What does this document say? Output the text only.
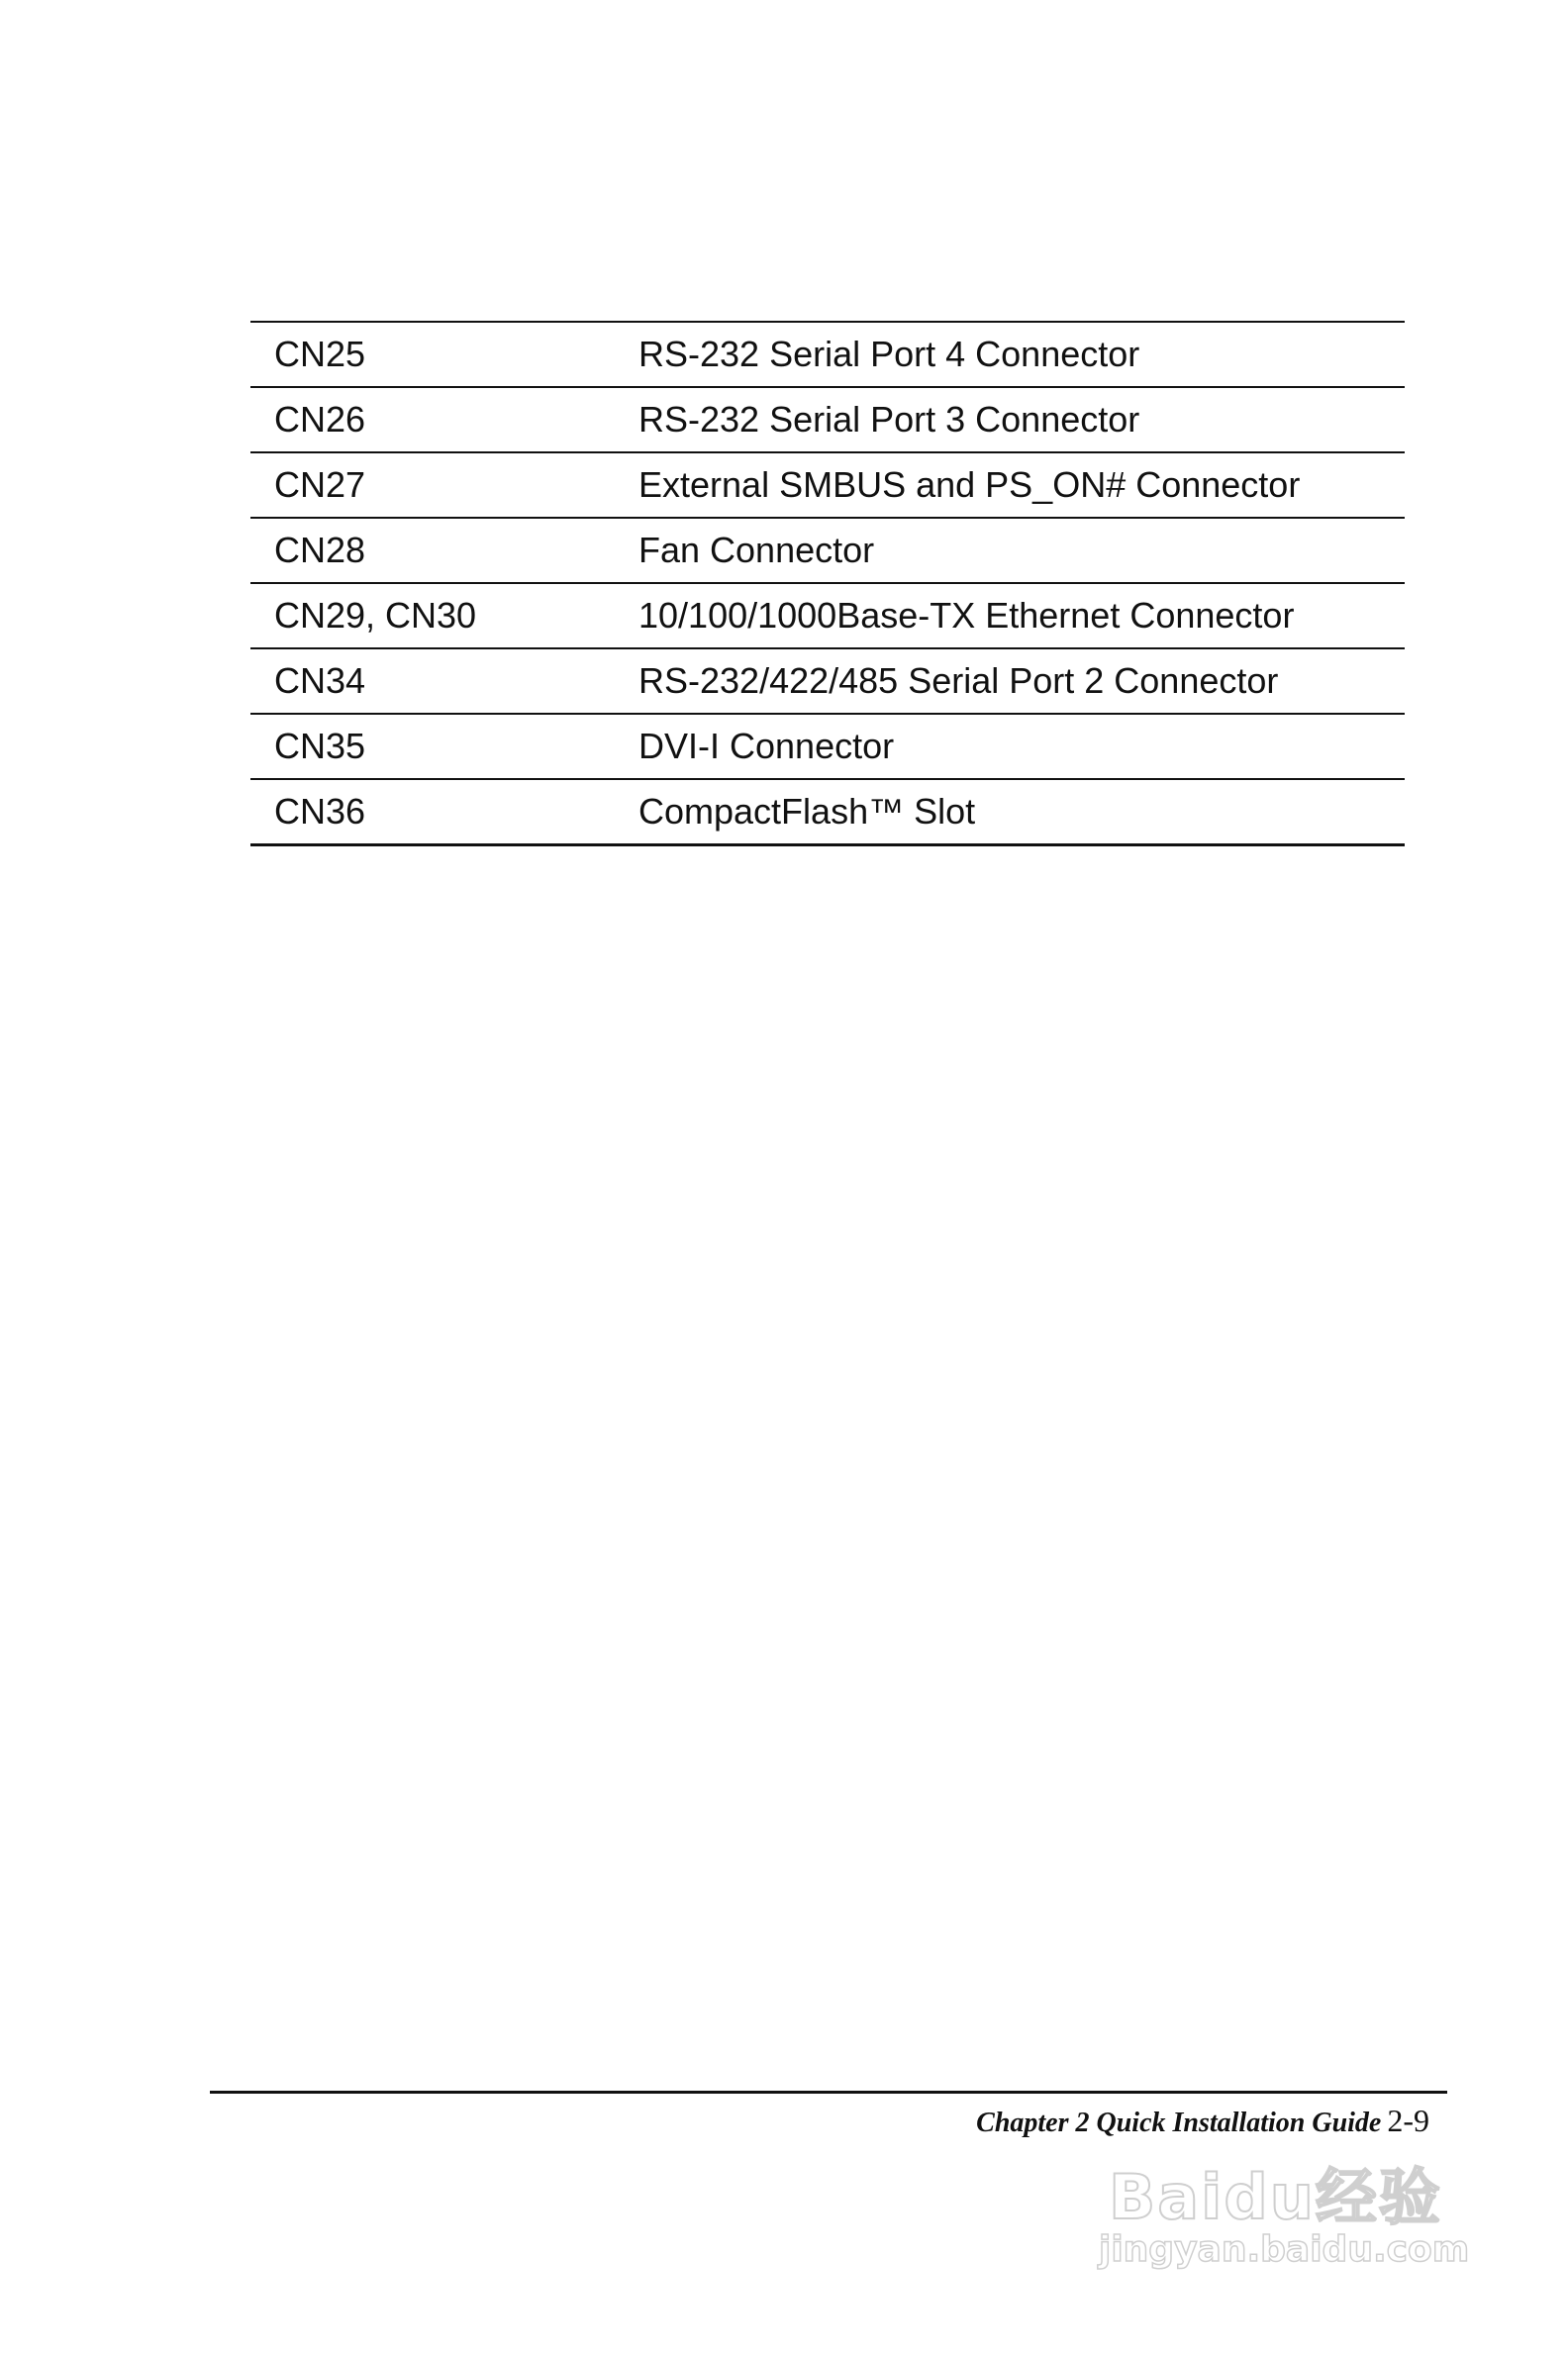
CN25	RS-232 Serial Port 4 Connector
CN26	RS-232 Serial Port 3 Connector
CN27	External SMBUS and PS_ON# Connector
CN28	Fan Connector
CN29, CN30	10/100/1000Base-TX Ethernet Connector
CN34	RS-232/422/485 Serial Port 2 Connector
CN35	DVI-I Connector
CN36	CompactFlash™ Slot
Chapter 2 Quick Installation Guide 2-9
Baidu经验
jingyan.baidu.com
